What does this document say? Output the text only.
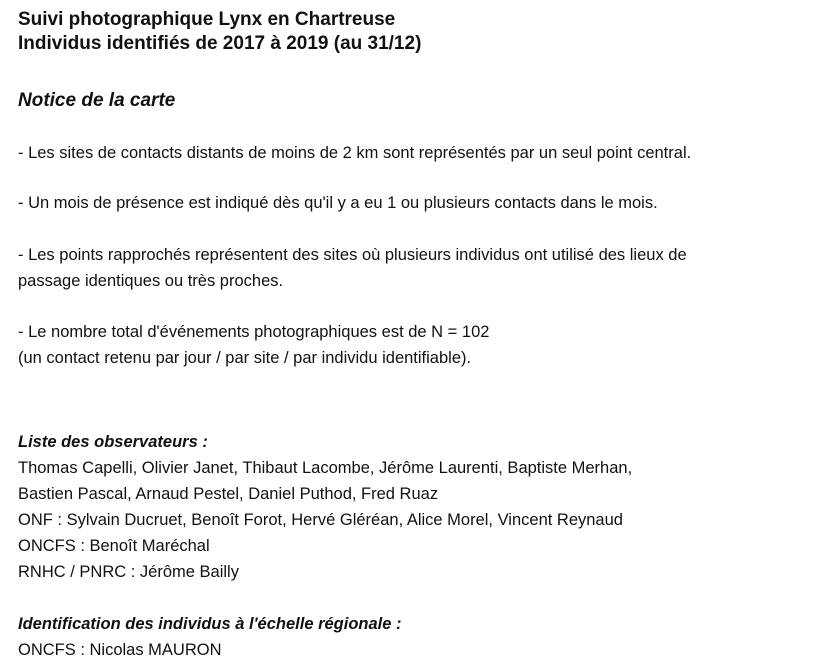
Suivi photographique Lynx en Chartreuse

Individus identifiés de 2017 à 2019 (au 31/12)

Notice de la carte

- Les sites de contacts distants de moins de 2 km sont représentés par un seul point central.

- Un mois de présence est indiqué dès qu'il y a eu 1 ou plusieurs contacts dans le mois.

- Les points rapprochés représentent des sites où plusieurs individus ont utilisé des lieux de

passage identiques ou très proches.

- Le nombre total d'événements photographiques est de N = 102

(un contact retenu par jour / par site / par individu identifiable).

Liste des observateurs :

Thomas Capelli, Olivier Janet, Thibaut Lacombe, Jérôme Laurenti, Baptiste Merhan,

Bastien Pascal, Arnaud Pestel, Daniel Puthod, Fred Ruaz

ONF : Sylvain Ducruet, Benoît Forot, Hervé Gléréan, Alice Morel, Vincent Reynaud

ONCFS : Benoît Maréchal

RNHC / PNRC : Jérôme Bailly

Identification des individus à l'échelle régionale :

ONCFS : Nicolas MAURON
